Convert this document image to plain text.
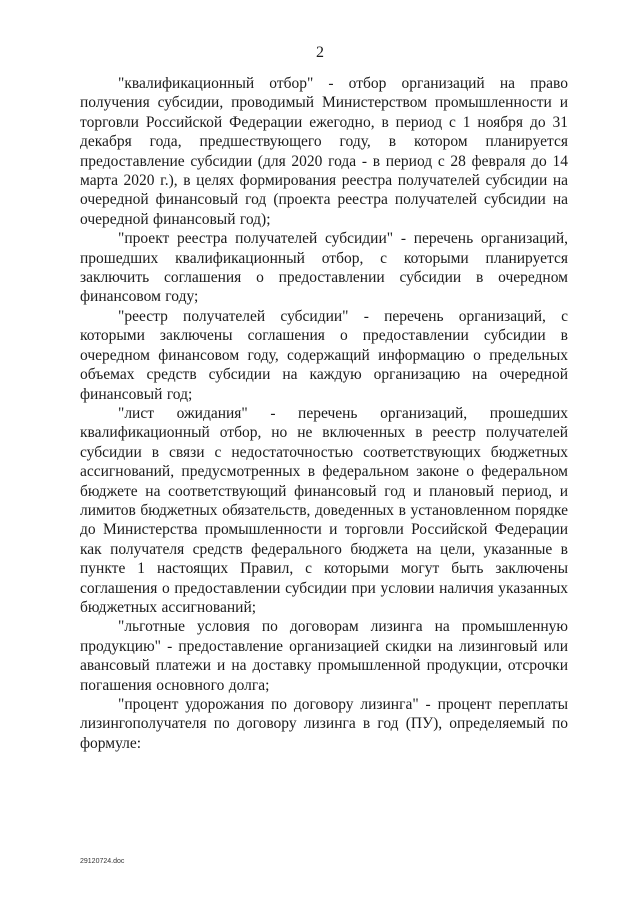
2

"квалификационный отбор" - отбор организаций на право получения субсидии, проводимый Министерством промышленности и торговли Российской Федерации ежегодно, в период с 1 ноября до 31 декабря года, предшествующего году, в котором планируется предоставление субсидии (для 2020 года - в период с 28 февраля до 14 марта 2020 г.), в целях формирования реестра получателей субсидии на очередной финансовый год (проекта реестра получателей субсидии на очередной финансовый год);

"проект реестра получателей субсидии" - перечень организаций, прошедших квалификационный отбор, с которыми планируется заключить соглашения о предоставлении субсидии в очередном финансовом году;

"реестр получателей субсидии" - перечень организаций, с которыми заключены соглашения о предоставлении субсидии в очередном финансовом году, содержащий информацию о предельных объемах средств субсидии на каждую организацию на очередной финансовый год;

"лист ожидания" - перечень организаций, прошедших квалификационный отбор, но не включенных в реестр получателей субсидии в связи с недостаточностью соответствующих бюджетных ассигнований, предусмотренных в федеральном законе о федеральном бюджете на соответствующий финансовый год и плановый период, и лимитов бюджетных обязательств, доведенных в установленном порядке до Министерства промышленности и торговли Российской Федерации как получателя средств федерального бюджета на цели, указанные в пункте 1 настоящих Правил, с которыми могут быть заключены соглашения о предоставлении субсидии при условии наличия указанных бюджетных ассигнований;

"льготные условия по договорам лизинга на промышленную продукцию" - предоставление организацией скидки на лизинговый или авансовый платежи и на доставку промышленной продукции, отсрочки погашения основного долга;

"процент удорожания по договору лизинга" - процент переплаты лизингополучателя по договору лизинга в год (ПУ), определяемый по формуле:

29120724.doc
